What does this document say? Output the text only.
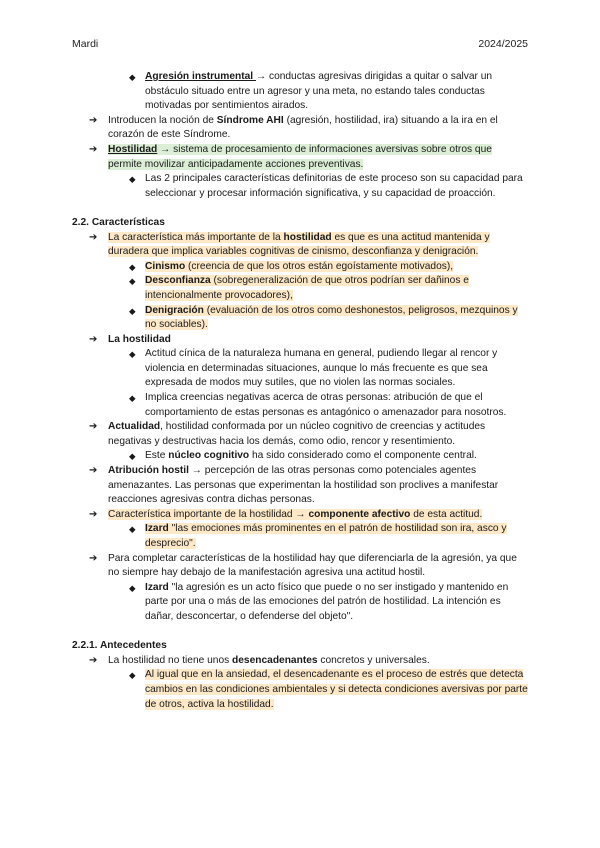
Mardi	2024/2025
◆ Agresión instrumental → conductas agresivas dirigidas a quitar o salvar un obstáculo situado entre un agresor y una meta, no estando tales conductas motivadas por sentimientos airados.
➔ Introducen la noción de Síndrome AHI (agresión, hostilidad, ira) situando a la ira en el corazón de este Síndrome.
➔ Hostilidad → sistema de procesamiento de informaciones aversivas sobre otros que permite movilizar anticipadamente acciones preventivas.
◆ Las 2 principales características definitorias de este proceso son su capacidad para seleccionar y procesar información significativa, y su capacidad de proacción.
2.2. Características
➔ La característica más importante de la hostilidad es que es una actitud mantenida y duradera que implica variables cognitivas de cinismo, desconfianza y denigración.
◆ Cinismo (creencia de que los otros están egoístamente motivados),
◆ Desconfianza (sobregeneralización de que otros podrían ser dañinos e intencionalmente provocadores),
◆ Denigración (evaluación de los otros como deshonestos, peligrosos, mezquinos y no sociables).
➔ La hostilidad
◆ Actitud cínica de la naturaleza humana en general, pudiendo llegar al rencor y violencia en determinadas situaciones, aunque lo más frecuente es que sea expresada de modos muy sutiles, que no violen las normas sociales.
◆ Implica creencias negativas acerca de otras personas: atribución de que el comportamiento de estas personas es antagónico o amenazador para nosotros.
➔ Actualidad, hostilidad conformada por un núcleo cognitivo de creencias y actitudes negativas y destructivas hacia los demás, como odio, rencor y resentimiento.
◆ Este núcleo cognitivo ha sido considerado como el componente central.
➔ Atribución hostil → percepción de las otras personas como potenciales agentes amenazantes. Las personas que experimentan la hostilidad son proclives a manifestar reacciones agresivas contra dichas personas.
➔ Característica importante de la hostilidad → componente afectivo de esta actitud.
◆ Izard "las emociones más prominentes en el patrón de hostilidad son ira, asco y desprecio".
➔ Para completar características de la hostilidad hay que diferenciarla de la agresión, ya que no siempre hay debajo de la manifestación agresiva una actitud hostil.
◆ Izard "la agresión es un acto físico que puede o no ser instigado y mantenido en parte por una o más de las emociones del patrón de hostilidad. La intención es dañar, desconcertar, o defenderse del objeto".
2.2.1. Antecedentes
➔ La hostilidad no tiene unos desencadenantes concretos y universales.
◆ Al igual que en la ansiedad, el desencadenante es el proceso de estrés que detecta cambios en las condiciones ambientales y si detecta condiciones aversivas por parte de otros, activa la hostilidad.
